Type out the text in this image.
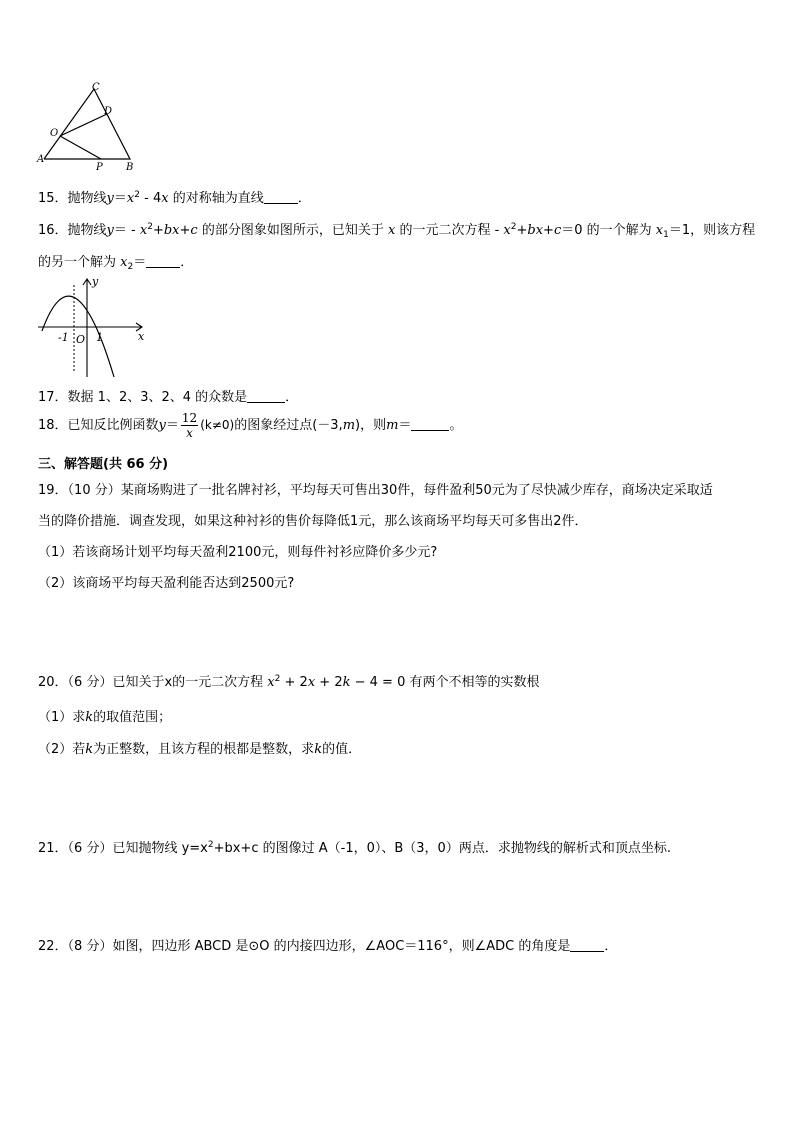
C
D
O
A
P B
15．抛物线$y=x^2 - 4x$ 的对称轴为直线	．
16．抛物线$y= - x^2+bx+c$ 的部分图象如图所示，已知关于 x 的一元二次方程 - $x^2+bx+c=0$ 的一个解为 $x_1=1$，则该方程
的另一个解为 $x_2=$	．
y
x
-1 O 1
17．数据 1、2、3、2、4 的众数是	．
18．已知反比例函数$y= \frac{12}{x} (k\ne 0)$的图象经过点(－3,m)，则m＝	。
三、解答题(共 66 分)
19．（10 分）某商场购进了一批名牌衬衫，平均每天可售出30件，每件盈利50元为了尽快减少库存，商场决定采取适
当的降价措施．调查发现，如果这种衬衫的售价每降低1元，那么该商场平均每天可多售出2件．
（1）若该商场计划平均每天盈利2100元，则每件衬衫应降价多少元?
（2）该商场平均每天盈利能否达到2500元?
20．（6 分）已知关于x的一元二次方程 $x^2 + 2x + 2k - 4 = 0$ 有两个不相等的实数根
（1）求k的取值范围；
（2）若k为正整数，且该方程的根都是整数，求k的值．
21．（6 分）已知抛物线 $y=x^2+bx+c$ 的图像过 A（-1，0）、B（3，0）两点．求抛物线的解析式和顶点坐标.
22．（8 分）如图，四边形 ABCD 是⊙O 的内接四边形，∠AOC＝116°，则∠ADC 的角度是	．
